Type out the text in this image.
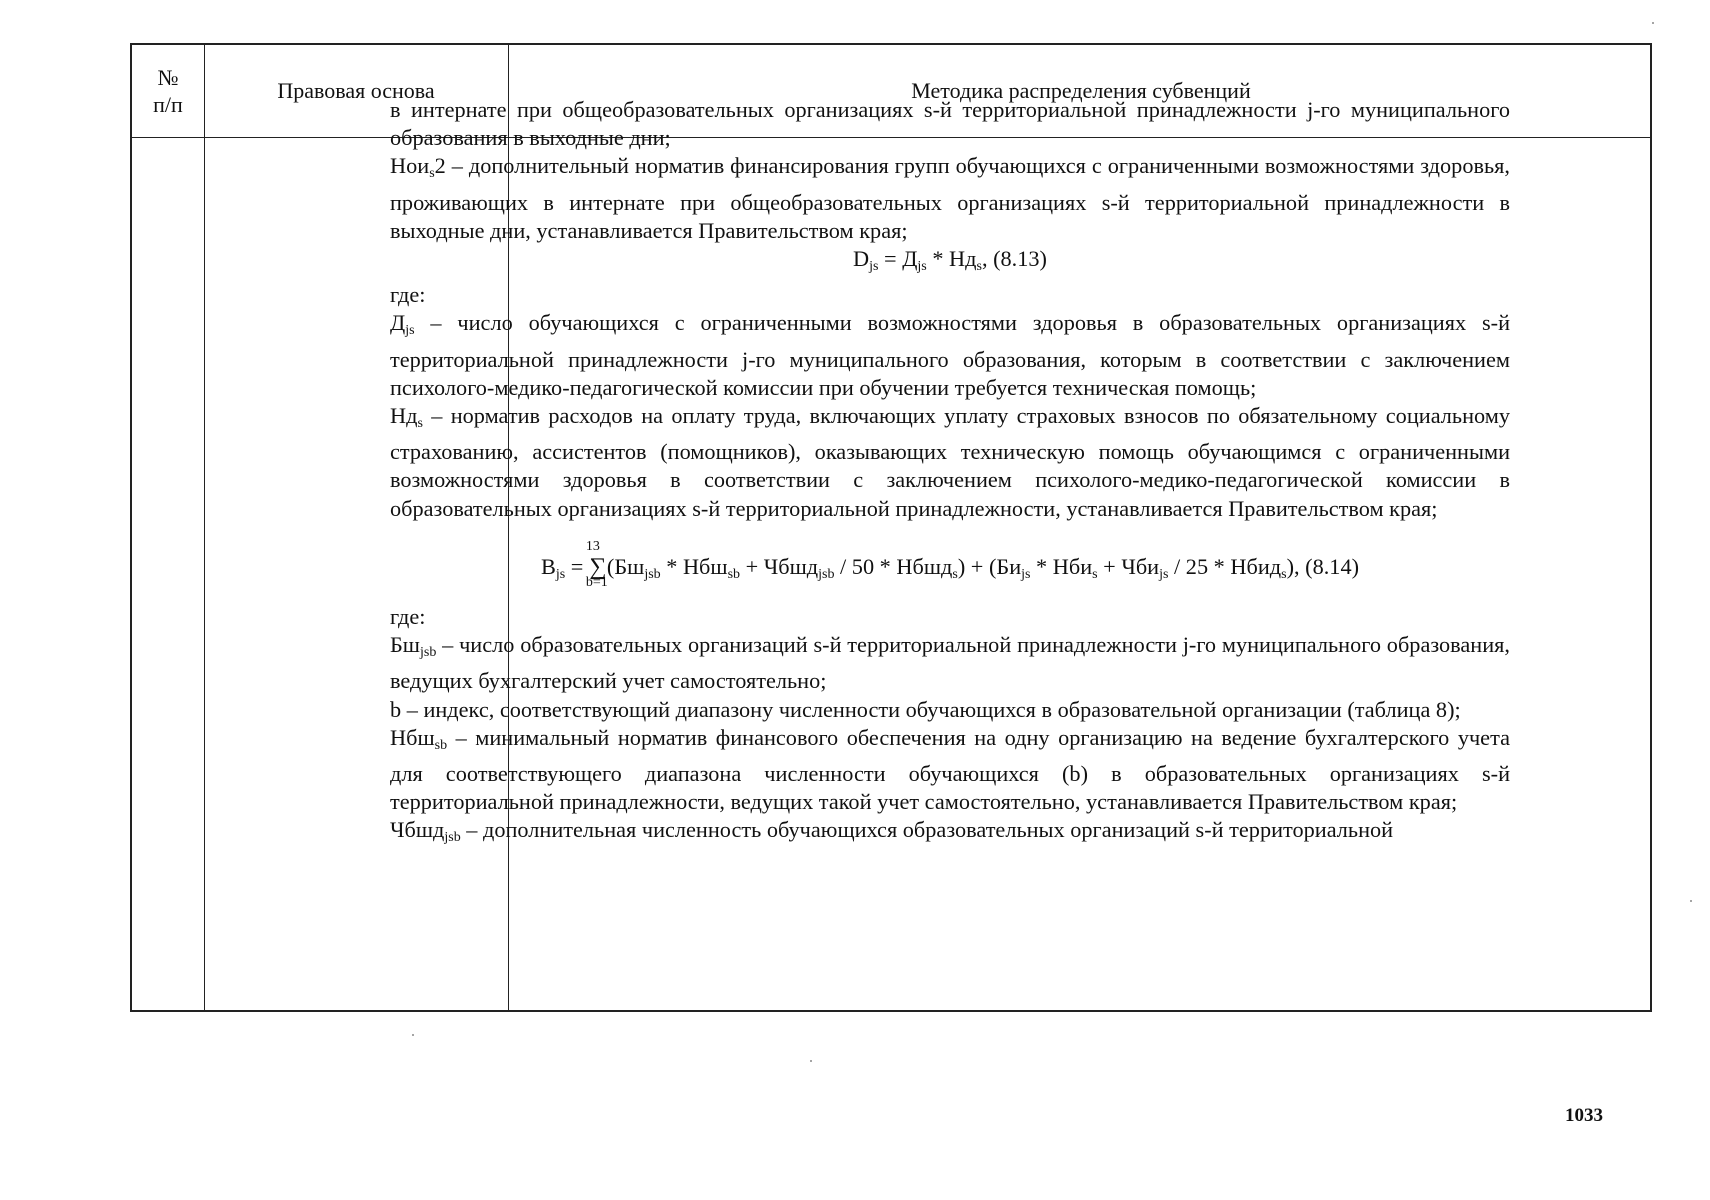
№ п/п
Правовая основа	Методика распределения субвенций

в интернате при общеобразовательных организациях s-й территориальной принадлежности j-го муниципального образования в выходные дни;

Нои$_s$2 – дополнительный норматив финансирования групп обучающихся с ограниченными возможностями здоровья, проживающих в интернате при общеобразовательных организациях s-й территориальной принадлежности в выходные дни, устанавливается Правительством края;

$D_{js} = Д_{js} * Нд_s$, (8.13)

где:

$Д_{js}$ – число обучающихся с ограниченными возможностями здоровья в образовательных организациях s-й территориальной принадлежности j-го муниципального образования, которым в соответствии с заключением психолого-медико-педагогической комиссии при обучении требуется техническая помощь;

$Нд_s$ – норматив расходов на оплату труда, включающих уплату страховых взносов по обязательному социальному страхованию, ассистентов (помощников), оказывающих техническую помощь обучающимся с ограниченными возможностями здоровья в соответствии с заключением психолого-медико-педагогической комиссии в образовательных организациях s-й территориальной принадлежности, устанавливается Правительством края;

$B_{js}$ = ∑
13
b=1
($Бш_{jsb} * Нбш_{sb}$ + Чбшд$_{jsb}$ / 50 * Нбшд$_s$) + ($Би_{js} * Нби_s + Чби_{js} / 25$ * Нбид$_s$), (8.14)

где:

$Бш_{jsb}$ – число образовательных организаций s-й территориальной принадлежности j-го муниципального образования, ведущих бухгалтерский учет самостоятельно;

b – индекс, соответствующий диапазону численности обучающихся в образовательной организации (таблица 8);

Нбш$_{sb}$ – минимальный норматив финансового обеспечения на одну организацию на ведение бухгалтерского учета для соответствующего диапазона численности обучающихся (b) в образовательных организациях s-й территориальной принадлежности, ведущих такой учет самостоятельно, устанавливается Правительством края;

Чбшд$_{jsb}$ – дополнительная численность обучающихся образовательных организаций s-й территориальной

1033
